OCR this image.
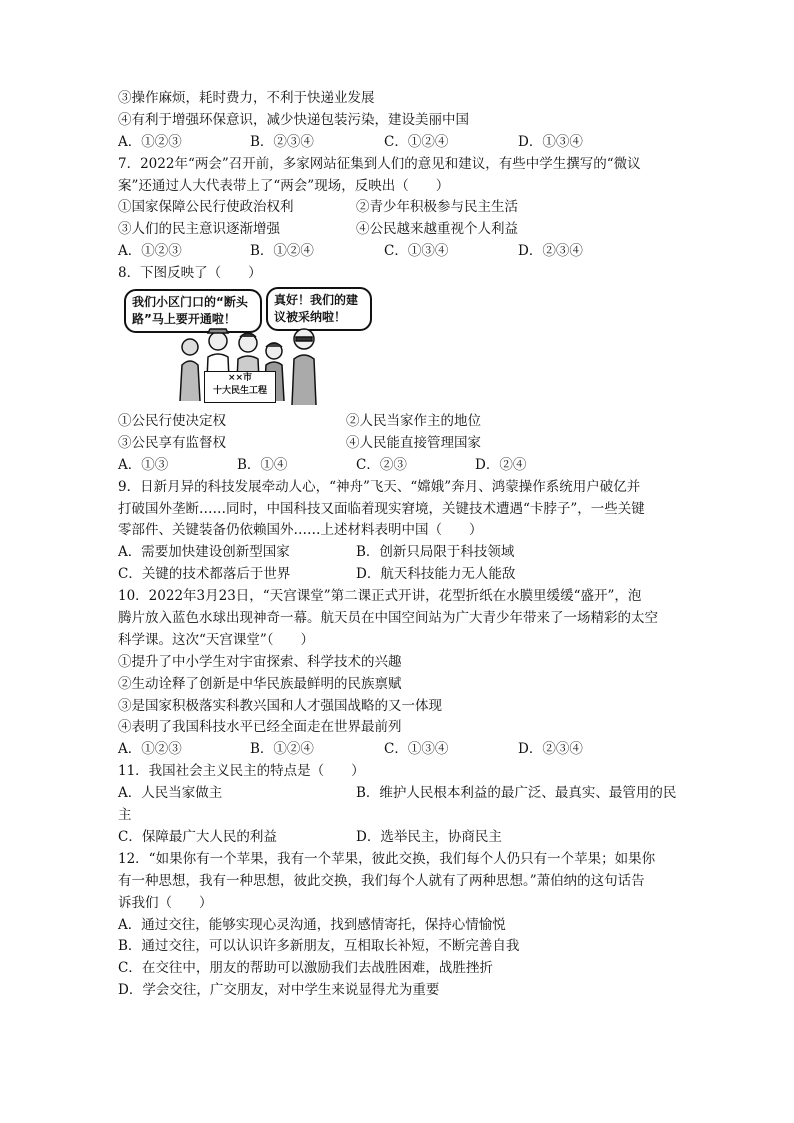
③操作麻烦，耗时费力，不利于快递业发展
④有利于增强环保意识，减少快递包装污染，建设美丽中国
A．①②③	B．②③④	C．①②④	D．①③④
7．2022年“两会”召开前，多家网站征集到人们的意见和建议，有些中学生撰写的“微议
案”还通过人大代表带上了“两会”现场，反映出（　　）
①国家保障公民行使政治权利	②青少年积极参与民主生活
③人们的民主意识逐渐增强	④公民越来越重视个人利益
A．①②③	B．①②④	C．①③④	D．②③④
8．下图反映了（　　）
我们小区门口的“断头路”马上要开通啦！
真好！我们的建议被采纳啦！
××市
十大民生工程
①公民行使决定权	②人民当家作主的地位
③公民享有监督权	④人民能直接管理国家
A．①③	B．①④	C．②③	D．②④
9．日新月异的科技发展牵动人心，“神舟”飞天、“嫦娥”奔月、鸿蒙操作系统用户破亿并
打破国外垄断……同时，中国科技又面临着现实窘境，关键技术遭遇“卡脖子”，一些关键
零部件、关键装备仍依赖国外……上述材料表明中国（　　）
A．需要加快建设创新型国家	B．创新只局限于科技领域
C．关键的技术都落后于世界	D．航天科技能力无人能敌
10．2022年3月23日，“天宫课堂”第二课正式开讲，花型折纸在水膜里缓缓“盛开”，泡
腾片放入蓝色水球出现神奇一幕。航天员在中国空间站为广大青少年带来了一场精彩的太空
科学课。这次“天宫课堂”（　　）
①提升了中小学生对宇宙探索、科学技术的兴趣
②生动诠释了创新是中华民族最鲜明的民族禀赋
③是国家积极落实科教兴国和人才强国战略的又一体现
④表明了我国科技水平已经全面走在世界最前列
A．①②③	B．①②④	C．①③④	D．②③④
11．我国社会主义民主的特点是（　　）
A．人民当家做主	B．维护人民根本利益的最广泛、最真实、最管用的民
主
C．保障最广大人民的利益	D．选举民主，协商民主
12．“如果你有一个苹果，我有一个苹果，彼此交换，我们每个人仍只有一个苹果；如果你
有一种思想，我有一种思想，彼此交换，我们每个人就有了两种思想。”萧伯纳的这句话告
诉我们（　　）
A．通过交往，能够实现心灵沟通，找到感情寄托，保持心情愉悦
B．通过交往，可以认识许多新朋友，互相取长补短，不断完善自我
C．在交往中，朋友的帮助可以激励我们去战胜困难，战胜挫折
D．学会交往，广交朋友，对中学生来说显得尤为重要
